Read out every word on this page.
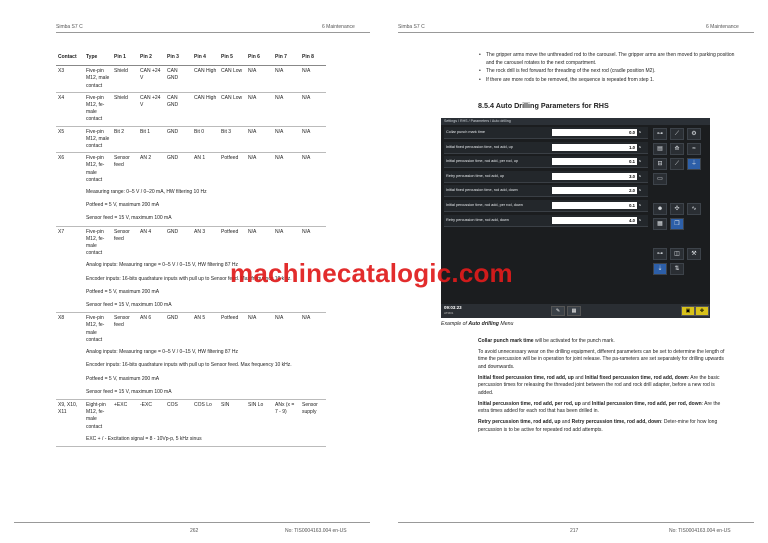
Simba S7 C	6 Maintenance
Contact	Type	Pin 1	Pin 2	Pin 3	Pin 4	Pin 5	Pin 6	Pin 7	Pin 8
X3	Five-pin M12, male contact	Shield	CAN +24 V	CAN GND	CAN High	CAN Low	N/A	N/A	N/A
X4	Five-pin M12, fe-male contact	Shield	CAN +24 V	CAN GND	CAN High	CAN Low	N/A	N/A	N/A
X5	Five-pin M12, male contact	Bit 2	Bit 1	GND	Bit 0	Bit 3	N/A	N/A	N/A
X6	Five-pin M12, fe-male contact	Sensor feed	AN 2	GND	AN 1	Potfeed	N/A	N/A	N/A
	Measuring range: 0–5 V / 0–20 mA, HW filtering 10 Hz								
	Potfeed = 5 V, maximum 200 mA								
	Sensor feed = 15 V, maximum 100 mA								
X7	Five-pin M12, fe-male contact	Sensor feed	AN 4	GND	AN 3	Potfeed	N/A	N/A	N/A
	Analog inputs: Measuring range = 0–5 V / 0–15 V, HW filtering 87 Hz								
	Encoder inputs: 16-bits quadrature inputs with pull up to Sensor feed. Max frequency 10 kHz.								
	Potfeed = 5 V, maximum 200 mA								
	Sensor feed = 15 V, maximum 100 mA								
X8	Five-pin M12, fe-male contact	Sensor feed	AN 6	GND	AN 5	Potfeed	N/A	N/A	N/A
	Analog inputs: Measuring range = 0–5 V / 0–15 V, HW filtering 87 Hz								
	Encoder inputs: 16-bits quadrature inputs with pull up to Sensor feed. Max frequency 10 kHz.								
	Potfeed = 5 V, maximum 200 mA								
	Sensor feed = 15 V, maximum 100 mA								
X9, X10, X11	Eight-pin M12, fe-male contact	+EXC	-EXC	COS	COS Lo	SIN	SIN Lo	ANx (x = 7 - 9)	Sensor supply
	EXC + / - Excitation signal = 8 - 10Vp-p, 5 kHz sinus								
262	No: TIS0004163.004 en-US
Simba S7 C	6 Maintenance
217	No: TIS0004163.004 en-US
• The gripper arms move the unthreaded rod to the carousel. The gripper arms are then moved to parking position and the carousel rotates to the next compartment.
• The rock drill is fed forward for threading of the next rod (cradle position M2).
• If there are more rods to be removed, the sequence is repeated from step 1.
8.5.4 Auto Drilling Parameters for RHS
Settings / RHS / Parameters / Auto drilling
Collar punch mark time	0.0	s
Initial fixed percussion time, rod add, up	1.0	s
Initial percussion time, rod add, per rod, up	0.1	s
Retry percussion time, rod add, up	3.0	s
Initial fixed percussion time, rod add, down	2.0	s
Initial percussion time, rod add, per rod, down	0.1	s
Retry percussion time, rod add, down	4.0	s
⊶	⟋	⚙
▤	⟰	≈
⊟	⟋	⏚
▭
☻	✣	∿
▦	❐
⊶	◫	⚒
⇣	⇅
09:03:23
ATM01	✎	▦	▣	✥
Example of Auto drilling Menu

Collar punch mark time will be activated for the punch mark.

To avoid unnecessary wear on the drilling equipment, different parameters can be set to determine the length of time the percussion will be in operation for joint release. The pa-rameters are set separately for drilling upwards and downwards.

Initial fixed percussion time, rod add, up and Initial fixed percussion time, rod add, down: Are the basic percussion times for releasing the threaded joint between the rod and rock drill adapter, before a new rod is added.

Initial percussion time, rod add, per rod, up and Initial percussion time, rod add, per rod, down: Are the extra times added for each rod that has been drilled in.

Retry percussion time, rod add, up and Retry percussion time, rod add, down: Deter-mine for how long percussion is to be active for repeated rod add attempts.

machinecatalogic.com
